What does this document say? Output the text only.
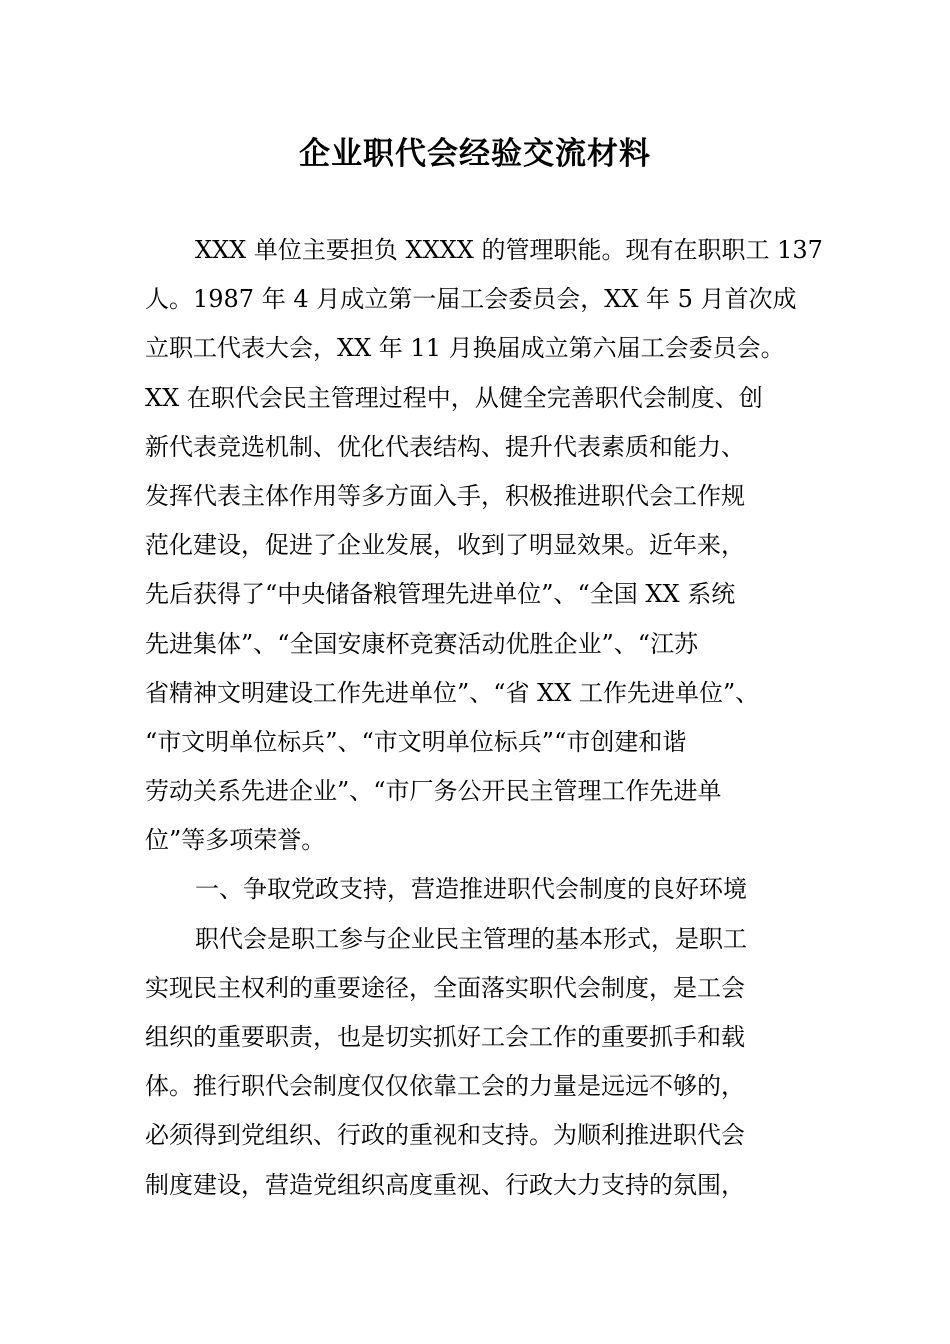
企业职代会经验交流材料
XXX 单位主要担负 XXXX 的管理职能。现有在职职工 137
人。1987 年 4 月成立第一届工会委员会，XX 年 5 月首次成
立职工代表大会，XX 年 11 月换届成立第六届工会委员会。
XX 在职代会民主管理过程中，从健全完善职代会制度、创
新代表竞选机制、优化代表结构、提升代表素质和能力、
发挥代表主体作用等多方面入手，积极推进职代会工作规
范化建设，促进了企业发展，收到了明显效果。近年来，
先后获得了“中央储备粮管理先进单位”、“全国 XX 系统
先进集体”、“全国安康杯竞赛活动优胜企业”、“江苏
省精神文明建设工作先进单位”、“省 XX 工作先进单位”、
“市文明单位标兵”、“市文明单位标兵”“市创建和谐
劳动关系先进企业”、“市厂务公开民主管理工作先进单
位”等多项荣誉。
一、争取党政支持，营造推进职代会制度的良好环境
职代会是职工参与企业民主管理的基本形式，是职工
实现民主权利的重要途径，全面落实职代会制度，是工会
组织的重要职责，也是切实抓好工会工作的重要抓手和载
体。推行职代会制度仅仅依靠工会的力量是远远不够的，
必须得到党组织、行政的重视和支持。为顺利推进职代会
制度建设，营造党组织高度重视、行政大力支持的氛围，
